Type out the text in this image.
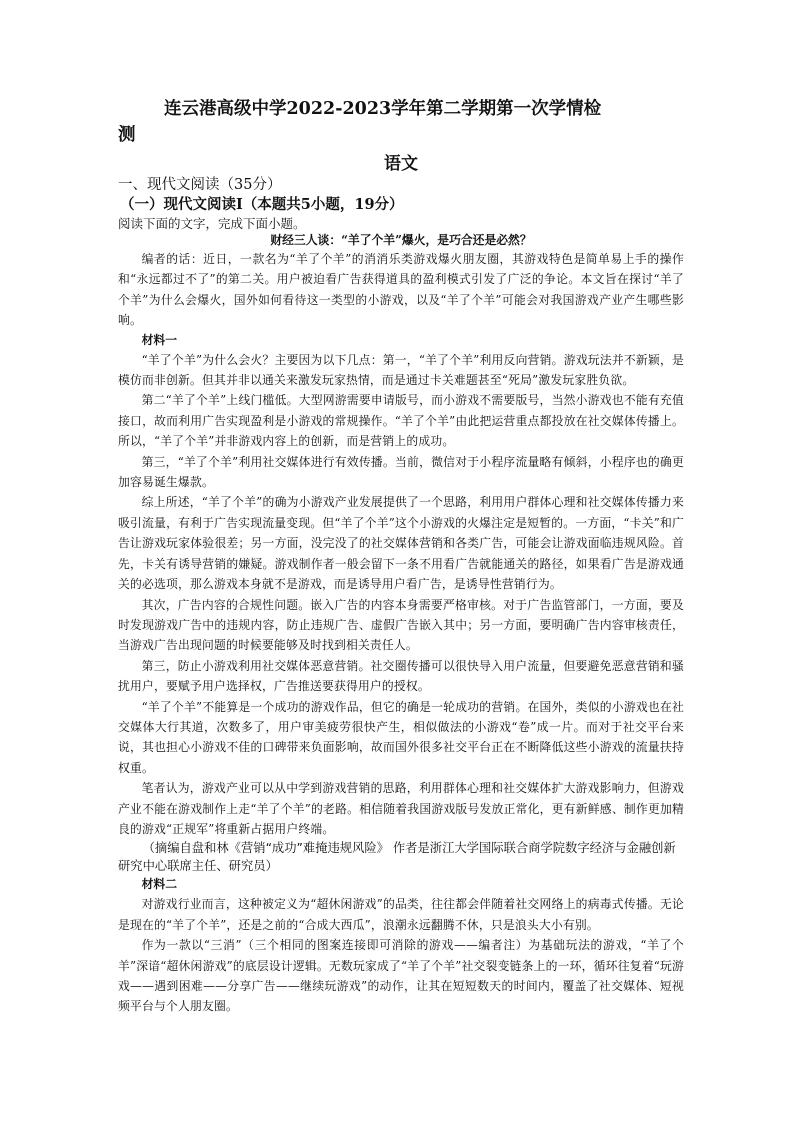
连云港高级中学2022-2023学年第二学期第一次学情检
测
语文
一、现代文阅读（35分）
（一）现代文阅读Ⅰ（本题共5小题，19分）
阅读下面的文字，完成下面小题。
财经三人谈：“羊了个羊”爆火，是巧合还是必然？

编者的话：近日，一款名为“羊了个羊”的消消乐类游戏爆火朋友圈，其游戏特色是简单易上手的操作和“永远都过不了”的第二关。用户被迫看广告获得道具的盈利模式引发了广泛的争论。本文旨在探讨“羊了个羊”为什么会爆火，国外如何看待这一类型的小游戏，以及“羊了个羊”可能会对我国游戏产业产生哪些影响。

材料一

“羊了个羊”为什么会火？主要因为以下几点：第一，“羊了个羊”利用反向营销。游戏玩法并不新颖，是模仿而非创新。但其并非以通关来激发玩家热情，而是通过卡关难题甚至“死局”激发玩家胜负欲。

第二“羊了个羊”上线门槛低。大型网游需要申请版号，而小游戏不需要版号，当然小游戏也不能有充值接口，故而利用广告实现盈利是小游戏的常规操作。“羊了个羊”由此把运营重点都投放在社交媒体传播上。所以，“羊了个羊”并非游戏内容上的创新，而是营销上的成功。

第三，“羊了个羊”利用社交媒体进行有效传播。当前，微信对于小程序流量略有倾斜，小程序也的确更加容易诞生爆款。

综上所述，“羊了个羊”的确为小游戏产业发展提供了一个思路，利用用户群体心理和社交媒体传播力来吸引流量，有利于广告实现流量变现。但“羊了个羊”这个小游戏的火爆注定是短暂的。一方面，“卡关”和广告让游戏玩家体验很差；另一方面，没完没了的社交媒体营销和各类广告，可能会让游戏面临违规风险。首先，卡关有诱导营销的嫌疑。游戏制作者一般会留下一条不用看广告就能通关的路径，如果看广告是游戏通关的必选项，那么游戏本身就不是游戏，而是诱导用户看广告，是诱导性营销行为。

其次，广告内容的合规性问题。嵌入广告的内容本身需要严格审核。对于广告监管部门，一方面，要及时发现游戏广告中的违规内容，防止违规广告、虚假广告嵌入其中；另一方面，要明确广告内容审核责任，当游戏广告出现问题的时候要能够及时找到相关责任人。

第三，防止小游戏利用社交媒体恶意营销。社交圈传播可以很快导入用户流量，但要避免恶意营销和骚扰用户，要赋予用户选择权，广告推送要获得用户的授权。

“羊了个羊”不能算是一个成功的游戏作品，但它的确是一轮成功的营销。在国外，类似的小游戏也在社交媒体大行其道，次数多了，用户审美疲劳很快产生，相似做法的小游戏“卷”成一片。而对于社交平台来说，其也担心小游戏不佳的口碑带来负面影响，故而国外很多社交平台正在不断降低这些小游戏的流量扶持权重。

笔者认为，游戏产业可以从中学到游戏营销的思路，利用群体心理和社交媒体扩大游戏影响力，但游戏产业不能在游戏制作上走“羊了个羊”的老路。相信随着我国游戏版号发放正常化，更有新鲜感、制作更加精良的游戏“正规军”将重新占据用户终端。

（摘编自盘和林《营销“成功”难掩违规风险》 作者是浙江大学国际联合商学院数字经济与金融创新研究中心联席主任、研究员）

材料二

对游戏行业而言，这种被定义为“超休闲游戏”的品类，往往都会伴随着社交网络上的病毒式传播。无论是现在的“羊了个羊”，还是之前的“合成大西瓜”，浪潮永远翻腾不休，只是浪头大小有别。

作为一款以“三消”（三个相同的图案连接即可消除的游戏——编者注）为基础玩法的游戏，“羊了个羊”深谙“超休闲游戏”的底层设计逻辑。无数玩家成了“羊了个羊”社交裂变链条上的一环，循环往复着“玩游戏——遇到困难——分享广告——继续玩游戏”的动作，让其在短短数天的时间内，覆盖了社交媒体、短视频平台与个人朋友圈。
